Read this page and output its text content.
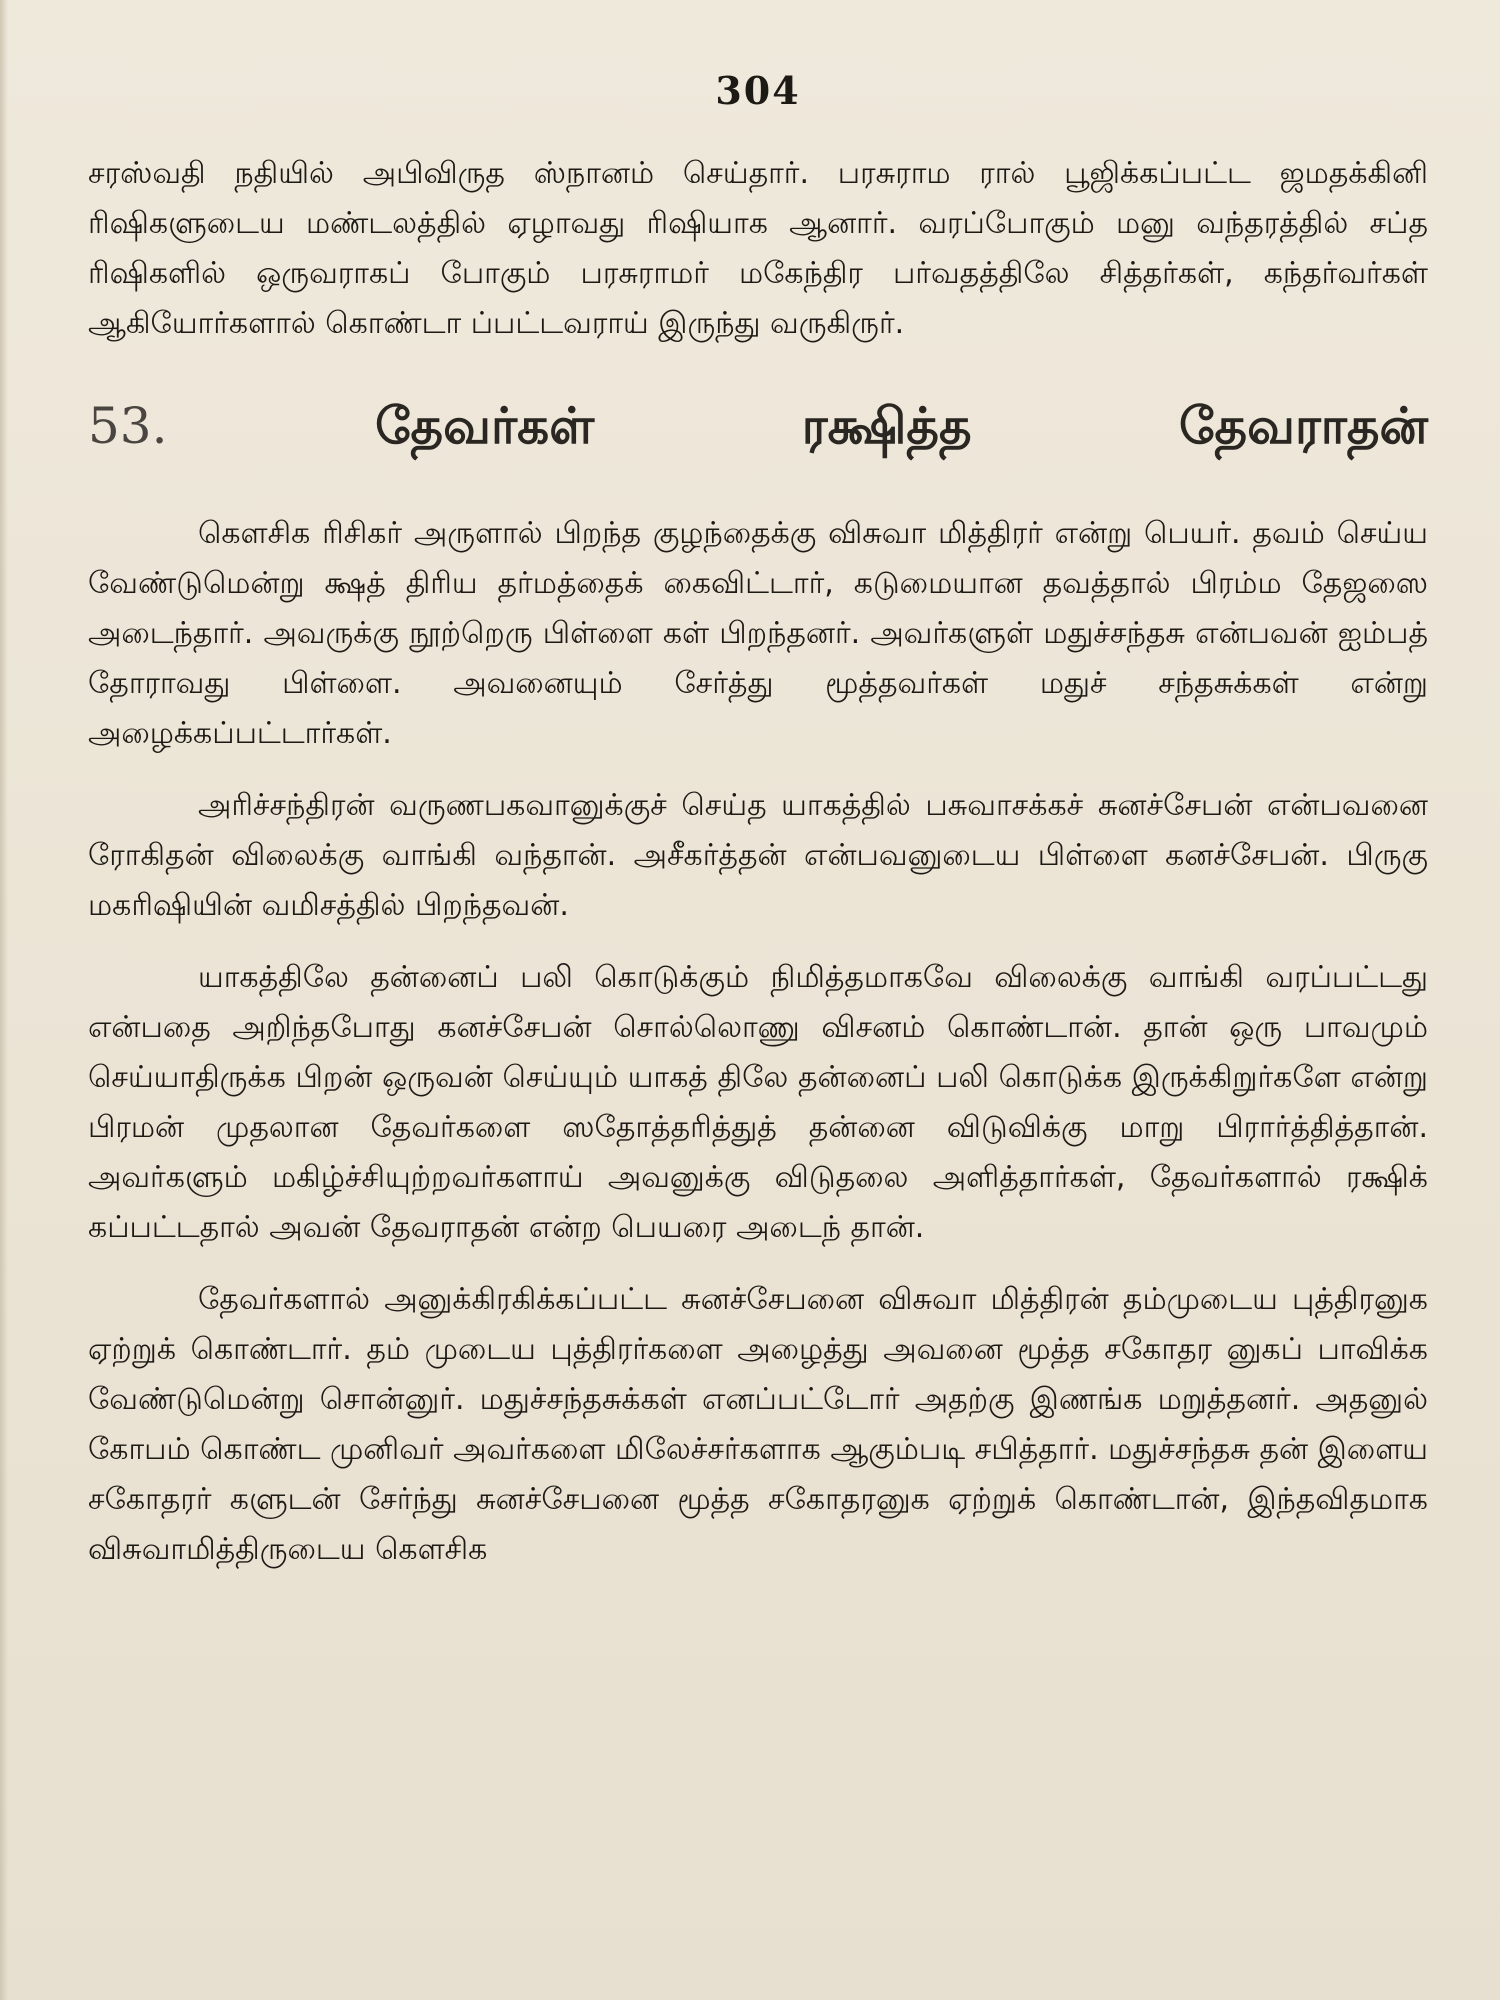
304

சரஸ்வதி நதியில் அபிவிருத ஸ்நானம் செய்தார். பரசுராம ரால் பூஜிக்கப்பட்ட ஜமதக்கினி ரிஷிகளுடைய மண்டலத்தில் ஏழாவது ரிஷியாக ஆனார். வரப்போகும் மனு வந்தரத்தில் சப்த ரிஷிகளில் ஒருவராகப் போகும் பரசுராமர் மகேந்திர பர்வதத்திலே சித்தர்கள், கந்தர்வர்கள் ஆகியோர்களால் கொண்டா ப்பட்டவராய் இருந்து வருகிருர்.

53.	தேவர்கள்	ரக்ஷித்த	தேவராதன்

கௌசிக ரிசிகர் அருளால் பிறந்த குழந்தைக்கு விசுவா மித்திரர் என்று பெயர். தவம் செய்ய வேண்டுமென்று க்ஷத் திரிய தர்மத்தைக் கைவிட்டார், கடுமையான தவத்தால் பிரம்ம தேஜஸை அடைந்தார். அவருக்கு நூற்றெரு பிள்ளை கள் பிறந்தனர். அவர்களுள் மதுச்சந்தசு என்பவன் ஐம்பத் தோராவது பிள்ளை. அவனையும் சேர்த்து மூத்தவர்கள் மதுச் சந்தசுக்கள் என்று அழைக்கப்பட்டார்கள்.

அரிச்சந்திரன் வருணபகவானுக்குச் செய்த யாகத்தில் பசுவாசக்கச் சுனச்சேபன் என்பவனை ரோகிதன் விலைக்கு வாங்கி வந்தான். அசீகர்த்தன் என்பவனுடைய பிள்ளை கனச்சேபன். பிருகு மகரிஷியின் வமிசத்தில் பிறந்தவன்.

யாகத்திலே தன்னைப் பலி கொடுக்கும் நிமித்தமாகவே விலைக்கு வாங்கி வரப்பட்டது என்பதை அறிந்தபோது கனச்சேபன் சொல்லொணு விசனம் கொண்டான். தான் ஒரு பாவமும் செய்யாதிருக்க பிறன் ஒருவன் செய்யும் யாகத் திலே தன்னைப் பலி கொடுக்க இருக்கிறுர்களே என்று பிரமன் முதலான தேவர்களை ஸதோத்தரித்துத் தன்னை விடுவிக்கு மாறு பிரார்த்தித்தான். அவர்களும் மகிழ்ச்சியுற்றவர்களாய் அவனுக்கு விடுதலை அளித்தார்கள், தேவர்களால் ரக்ஷிக் கப்பட்டதால் அவன் தேவராதன் என்ற பெயரை அடைந் தான்.

தேவர்களால் அனுக்கிரகிக்கப்பட்ட சுனச்சேபனை விசுவா மித்திரன் தம்முடைய புத்திரனுக ஏற்றுக் கொண்டார். தம் முடைய புத்திரர்களை அழைத்து அவனை மூத்த சகோதர னுகப் பாவிக்க வேண்டுமென்று சொன்னுர். மதுச்சந்தசுக்கள் எனப்பட்டோர் அதற்கு இணங்க மறுத்தனர். அதனுல் கோபம் கொண்ட முனிவர் அவர்களை மிலேச்சர்களாக ஆகும்படி சபித்தார். மதுச்சந்தசு தன் இளைய சகோதரர் களுடன் சேர்ந்து சுனச்சேபனை மூத்த சகோதரனுக ஏற்றுக் கொண்டான், இந்தவிதமாக விசுவாமித்திருடைய கௌசிக
